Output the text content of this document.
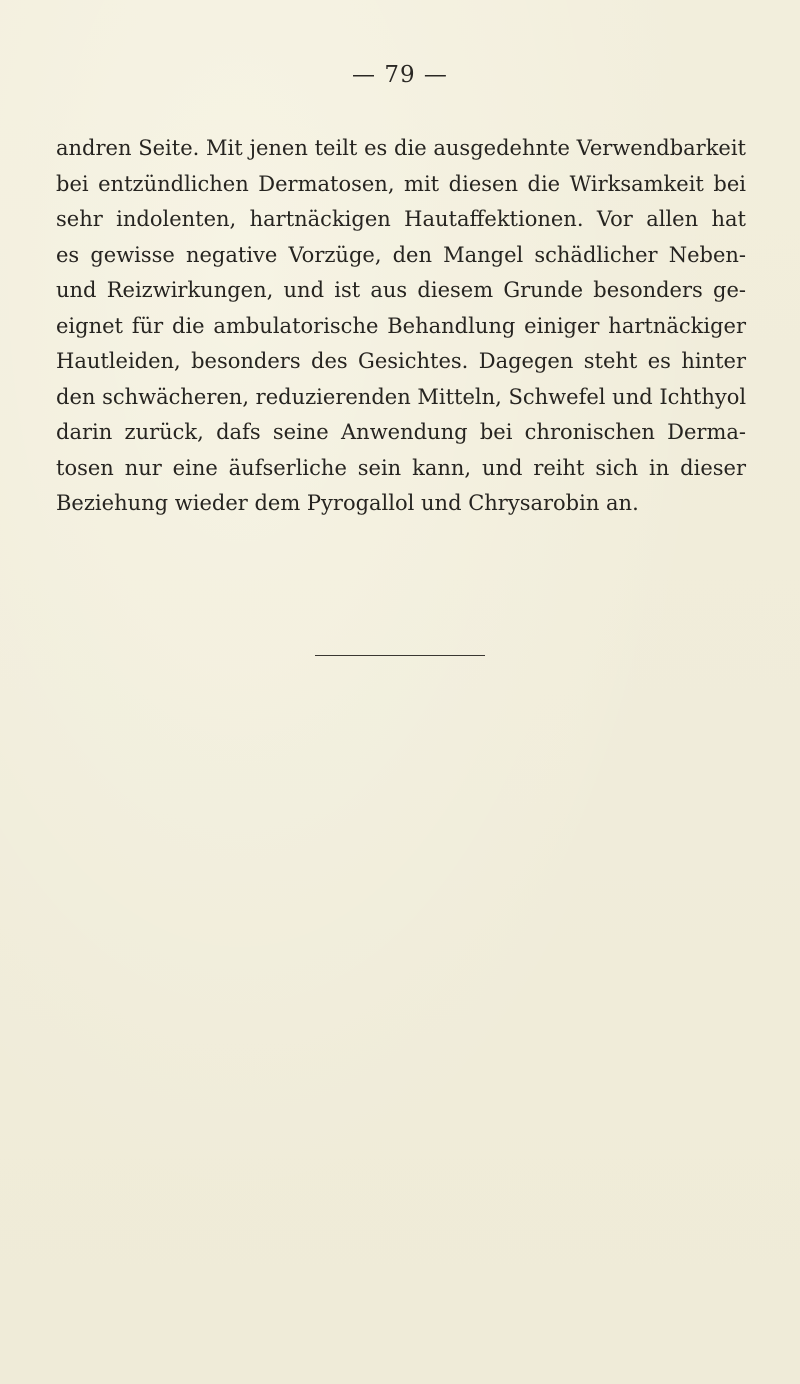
— 79 —

andren Seite. Mit jenen teilt es die ausgedehnte Verwendbarkeit
bei entzündlichen Dermatosen, mit diesen die Wirksamkeit bei
sehr indolenten, hartnäckigen Hautaffektionen. Vor allen hat
es gewisse negative Vorzüge, den Mangel schädlicher Neben-
und Reizwirkungen, und ist aus diesem Grunde besonders ge-
eignet für die ambulatorische Behandlung einiger hartnäckiger
Hautleiden, besonders des Gesichtes. Dagegen steht es hinter
den schwächeren, reduzierenden Mitteln, Schwefel und Ichthyol
darin zurück, dafs seine Anwendung bei chronischen Derma-
tosen nur eine äufserliche sein kann, und reiht sich in dieser
Beziehung wieder dem Pyrogallol und Chrysarobin an.
